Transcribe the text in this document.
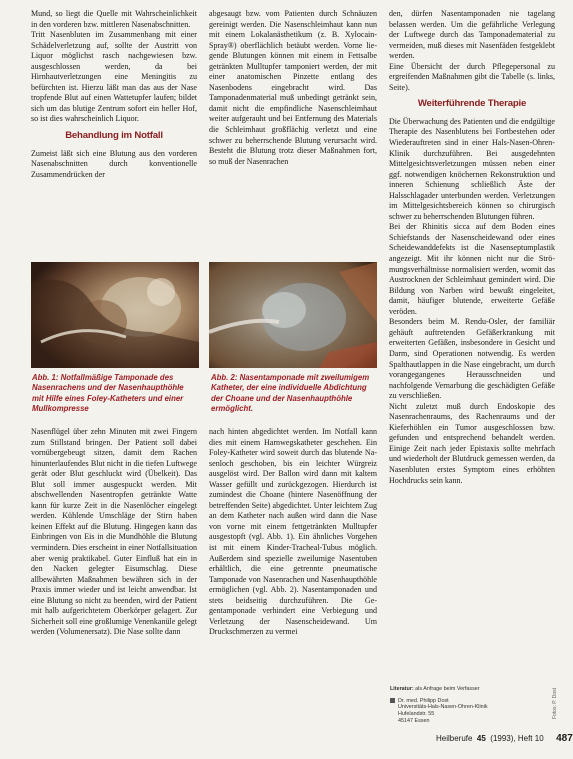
Mund, so liegt die Quelle mit Wahrscheinlichkeit in den vorderen bzw. mittleren Nasenabschnitten.

Tritt Nasenbluten im Zusammenhang mit einer Schädelverletzung auf, sollte der Austritt von Liquor möglichst rasch nachgewiesen bzw. ausgeschlossen werden, da bei Hirnhautverletzungen eine Meningitis zu befürchten ist. Hierzu läßt man das aus der Nase tropfende Blut auf einen Wattetupfer laufen; bildet sich um das blutige Zentrum sofort ein heller Hof, so ist dies wahrscheinlich Liquor.

Behandlung im Notfall

Zumeist läßt sich eine Blutung aus den vorderen Nasenabschnitten durch konventionelle Zusammendrücken der

abgesaugt bzw. vom Patienten durch Schnäuzen gereinigt werden. Die Nasenschleimhaut kann nun mit einem Lokalanästhetikum (z. B. Xylocain-Spray®) oberflächlich betäubt werden. Vorne liegende Blutungen können mit einem in Fettsalbe getränkten Mulltupfer tamponiert werden, der mit einer anatomischen Pinzette entlang des Nasenbodens eingebracht wird. Das Tamponadenmaterial muß unbedingt getränkt sein, damit nicht die empfindliche Nasenschleimhaut weiter aufgerauht und bei Entfernung des Materials die Schleimhaut großflächig verletzt und eine schwer zu beherrschende Blutung verursacht wird. Besteht die Blutung trotz dieser Maßnahmen fort, so muß der Nasenrachen

Abb. 1: Notfallmäßige Tamponade des Nasenrachens und der Nasenhaupthöhle mit Hilfe eines Foley-Katheters und einer Mullkompresse
Abb. 2: Nasentamponade mit zweilumigem Katheter, der eine individuelle Abdichtung der Choane und der Nasenhaupthöhle ermöglicht.

Nasenflügel über zehn Minuten mit zwei Fingern zum Stillstand bringen. Der Patient soll dabei vornübergebeugt sitzen, damit dem Rachen hinunterlaufendes Blut nicht in die tiefen Luftwege gerät oder Blut geschluckt wird (Übelkeit). Das Blut soll immer ausgespuckt werden. Mit abschwellenden Nasentropfen getränkte Watte kann für kurze Zeit in die Nasenlöcher eingelegt werden. Kühlende Umschläge der Stirn haben keinen Effekt auf die Blutung. Hingegen kann das Einbringen von Eis in die Mundhöhle die Blutung vermindern. Dies erscheint in einer Notfallsituation aber wenig praktikabel. Guter Einfluß hat ein in den Nacken gelegter Eisumschlag. Diese allbewährten Maßnahmen bewähren sich in der Praxis immer wieder und ist leicht anwendbar. Ist eine Blutung so nicht zu beenden, wird der Patient mit halb aufgerichtetem Oberkörper gelagert. Zur Sicherheit soll eine großlumige Venenkanüle gelegt werden (Volumenersatz). Die Nase sollte dann

nach hinten abgedichtet werden. Im Notfall kann dies mit einem Harnwegskatheter geschehen. Ein Foley-Katheter wird soweit durch das blutende Nasenloch geschoben, bis ein leichter Würgreiz ausgelöst wird. Der Ballon wird dann mit kaltem Wasser gefüllt und zurückgezogen. Hierdurch ist zumindest die Choane (hintere Nasenöffnung der betreffenden Seite) abgedichtet. Unter leichtem Zug an dem Katheter nach außen wird dann die Nase von vorne mit einem fettgetränkten Mulltupfer ausgestopft (vgl. Abb. 1). Ein ähnliches Vorgehen ist mit einem Kinder-Tracheal-Tubus möglich. Außerdem sind spezielle zweilumige Nasentuben erhältlich, die eine getrennte pneumatische Tamponade von Nasenrachen und Nasenhaupthöhle ermöglichen (vgl. Abb. 2). Nasentamponaden und stets beidseitig durchzuführen. Die Gegentamponade verhindert eine Verbiegung und Verletzung der Nasenscheidewand. Um Druckschmerzen zu vermei

den, dürfen Nasentamponaden nie tagelang belassen werden. Um die gefährliche Verlegung der Luftwege durch das Tamponadematerial zu vermeiden, muß dieses mit Nasenfäden festgeklebt werden.

Eine Übersicht der durch Pflegepersonal zu ergreifenden Maßnahmen gibt die Tabelle (s. links, Seite).

Weiterführende Therapie

Die Überwachung des Patienten und die endgültige Therapie des Nasenblutens bei Fortbestehen oder Wiederauftreten sind in einer Hals-Nasen-Ohren-Klinik durchzuführen. Bei ausgedehnten Mittelgesichtsverletzungen müssen neben einer ggf. notwendigen knöchernen Rekonstruktion und inneren Schienung schließlich Äste der Halsschlagader unterbunden werden. Verletzungen im Mittelgesichtsbereich können so chirurgisch schwer zu beherrschenden Blutungen führen.

Bei der Rhinitis sicca auf dem Boden eines Schiefstands der Nasenscheidewand oder eines Scheidewanddefekts ist die Nasenseptumplastik angezeigt. Mit ihr können nicht nur die Strömungsverhältnisse normalisiert werden, womit das Austrocknen der Schleimhaut gemindert wird. Die Bildung von Narben wird bewußt eingeleitet, damit, häufiger blutende, erweiterte Gefäße veröden.

Besonders beim M. Rendu-Osler, der familiär gehäuft auftretenden Gefäßerkrankung mit erweiterten Gefäßen, insbesondere in Gesicht und Darm, sind Operationen notwendig. Es werden Spalthautlappen in die Nase eingebracht, um durch vorangegangenes Herausschneiden und nachfolgende Vernarbung die geschädigten Gefäße zu verschließen.

Nicht zuletzt muß durch Endoskopie des Nasenrachenraums, des Rachenraums und der Kieferhöhlen ein Tumor ausgeschlossen bzw. gefunden und entsprechend behandelt werden. Einige Zeit nach jeder Epistaxis sollte mehrfach und wiederholt der Blutdruck gemessen werden, da Nasenbluten erstes Symptom eines erhöhten Hochdrucks sein kann.

Literatur: als Anfrage beim Verfasser
Dr. med. Philipp Dost
Universitäts-Hals-Nasen-Ohren-Klinik
Hufelandstr. 55
45147 Essen
Fotos: P. Dost
Heilberufe 45 (1993), Heft 10 487
